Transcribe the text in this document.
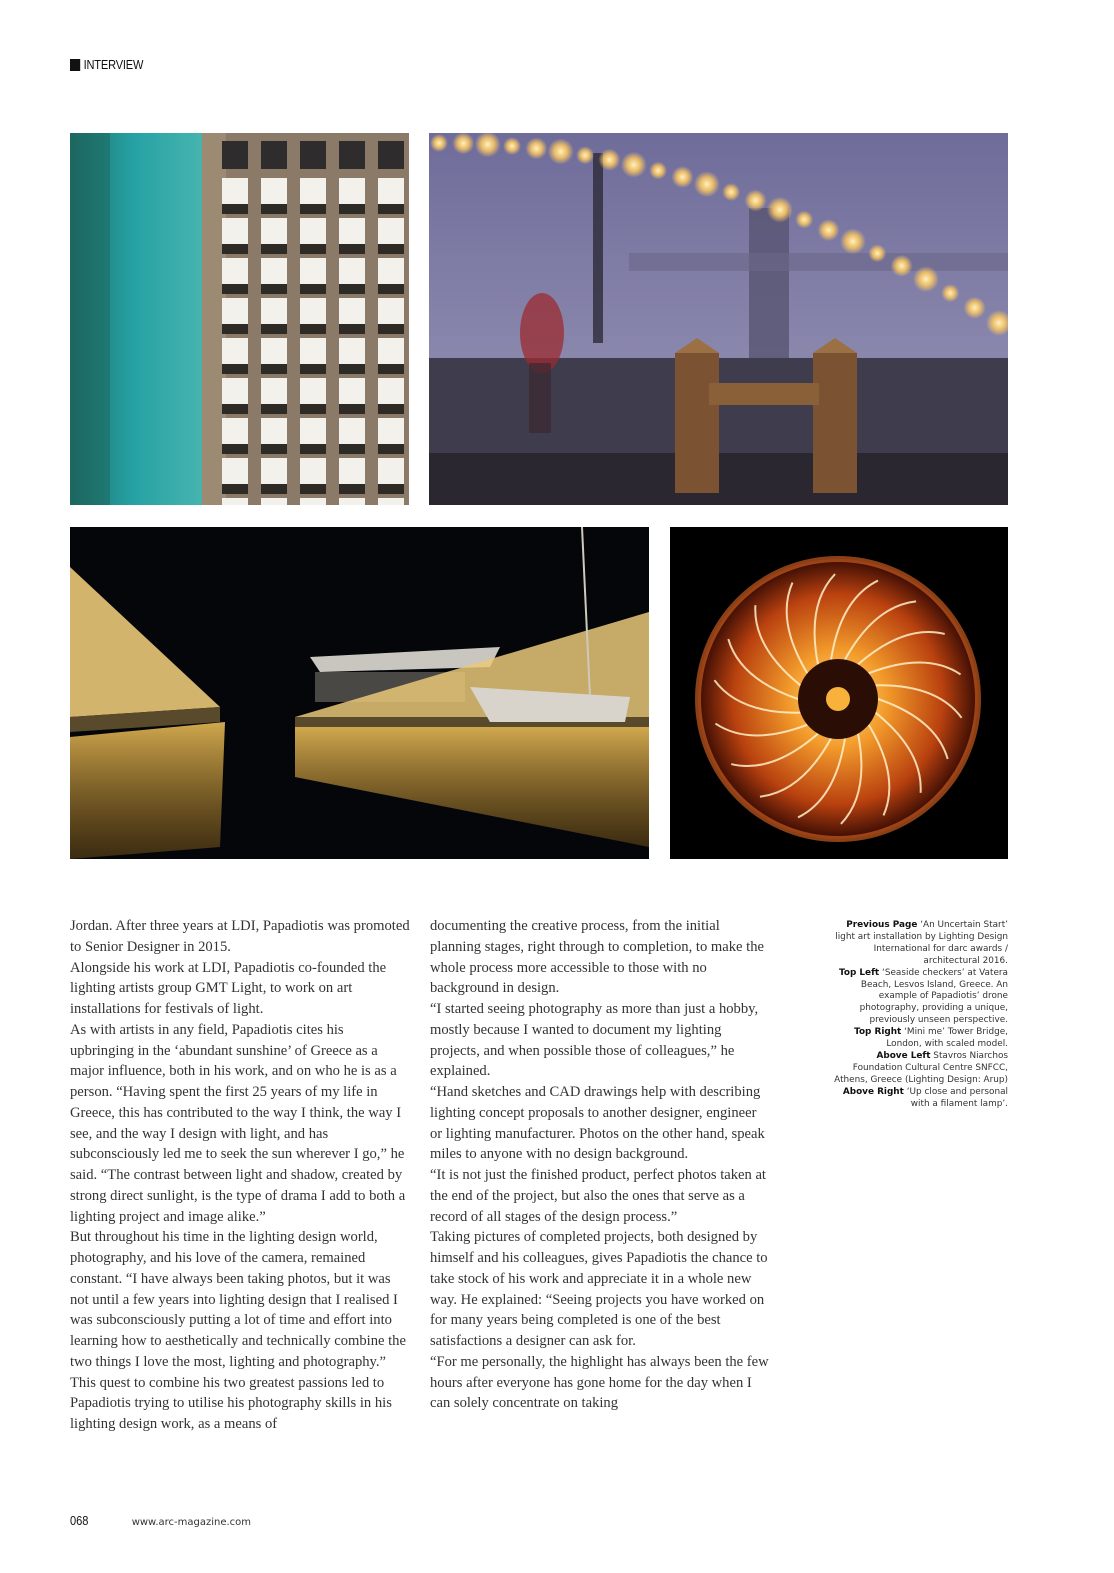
INTERVIEW

Jordan. After three years at LDI, Papadiotis was promoted to Senior Designer in 2015.

Alongside his work at LDI, Papadiotis co-founded the lighting artists group GMT Light, to work on art installations for festivals of light.

As with artists in any field, Papadiotis cites his upbringing in the ‘abundant sunshine’ of Greece as a major influence, both in his work, and on who he is as a person. “Having spent the first 25 years of my life in Greece, this has contributed to the way I think, the way I see, and the way I design with light, and has subconsciously led me to seek the sun wherever I go,” he said. “The contrast between light and shadow, created by strong direct sunlight, is the type of drama I add to both a lighting project and image alike.”

But throughout his time in the lighting design world, photography, and his love of the camera, remained constant. “I have always been taking photos, but it was not until a few years into lighting design that I realised I was subconsciously putting a lot of time and effort into learning how to aesthetically and technically combine the two things I love the most, lighting and photography.”

This quest to combine his two greatest passions led to Papadiotis trying to utilise his photography skills in his lighting design work, as a means of

documenting the creative process, from the initial planning stages, right through to completion, to make the whole process more accessible to those with no background in design.

“I started seeing photography as more than just a hobby, mostly because I wanted to document my lighting projects, and when possible those of colleagues,” he explained.

“Hand sketches and CAD drawings help with describing lighting concept proposals to another designer, engineer or lighting manufacturer. Photos on the other hand, speak miles to anyone with no design background.

“It is not just the finished product, perfect photos taken at the end of the project, but also the ones that serve as a record of all stages of the design process.”

Taking pictures of completed projects, both designed by himself and his colleagues, gives Papadiotis the chance to take stock of his work and appreciate it in a whole new way. He explained: “Seeing projects you have worked on for many years being completed is one of the best satisfactions a designer can ask for.

“For me personally, the highlight has always been the few hours after everyone has gone home for the day when I can solely concentrate on taking

Previous Page ‘An Uncertain Start’ light art installation by Lighting Design International for darc awards / architectural 2016.

Top Left ‘Seaside checkers’ at Vatera Beach, Lesvos Island, Greece. An example of Papadiotis’ drone photography, providing a unique, previously unseen perspective.

Top Right ‘Mini me’ Tower Bridge, London, with scaled model.

Above Left Stavros Niarchos Foundation Cultural Centre SNFCC, Athens, Greece (Lighting Design: Arup)

Above Right ‘Up close and personal with a filament lamp’.

068	www.arc-magazine.com
